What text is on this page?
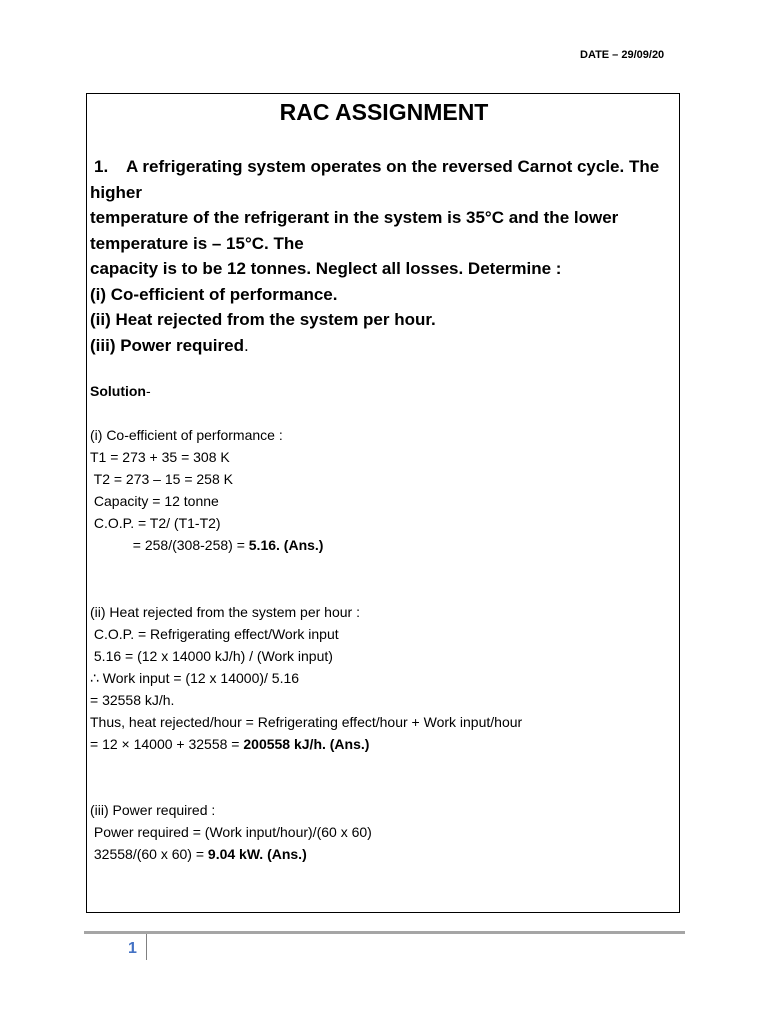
DATE – 29/09/20
RAC ASSIGNMENT

1. A refrigerating system operates on the reversed Carnot cycle. The

higher

temperature of the refrigerant in the system is 35°C and the lower

temperature is – 15°C. The

capacity is to be 12 tonnes. Neglect all losses. Determine :

(i) Co-efficient of performance.

(ii) Heat rejected from the system per hour.

(iii) Power required.

Solution-

(i) Co-efficient of performance :

T1 = 273 + 35 = 308 K

T2 = 273 – 15 = 258 K

Capacity = 12 tonne

C.O.P. = T2/ (T1-T2)

= 258/(308-258) = 5.16. (Ans.)

(ii) Heat rejected from the system per hour :

C.O.P. = Refrigerating effect/Work input

5.16 = (12 x 14000 kJ/h) / (Work input)

∴ Work input = (12 x 14000)/ 5.16

= 32558 kJ/h.

Thus, heat rejected/hour = Refrigerating effect/hour + Work input/hour

= 12 × 14000 + 32558 = 200558 kJ/h. (Ans.)

(iii) Power required :

Power required = (Work input/hour)/(60 x 60)

32558/(60 x 60) = 9.04 kW. (Ans.)

1
